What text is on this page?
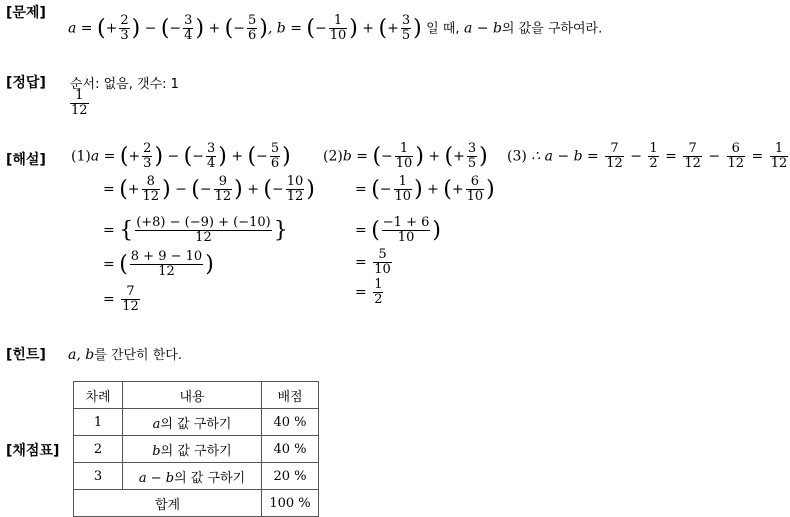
[문제]
[정답]
[해설]
[힌트]
[채점표]
a = (+ $\frac{2}{3}$ ) − (− $\frac{3}{4}$ ) + (− $\frac{5}{6}$ ), b = (− $\frac{1}{10}$ ) + (+ $\frac{3}{5}$ ) 일 때, a − b의 값을 구하여라.
순서: 없음, 갯수: 1
$\frac{1}{12}$
(1)a = (+ $\frac{2}{3}$ ) − (− $\frac{3}{4}$ ) + (− $\frac{5}{6}$ )
= (+ $\frac{8}{12}$ ) − (− $\frac{9}{12}$ ) + (− $\frac{10}{12}$ )
= { $\frac{(+8) - (-9) + (-10)}{12}$ }
= ( $\frac{8 + 9 - 10}{12}$ )
= $\frac{7}{12}$
(2)b = (− $\frac{1}{10}$ ) + (+ $\frac{3}{5}$ )
= (− $\frac{1}{10}$ ) + (+ $\frac{6}{10}$ )
= ( $\frac{-1 + 6}{10}$ )
= $\frac{5}{10}$
= $\frac{1}{2}$
(3) ∴ $a - b = \frac{7}{12} - \frac{1}{2} = \frac{7}{12} - \frac{6}{12} = \frac{1}{12}$
a, b를 간단히 한다.
차례	내용	배점
1	a의 값 구하기	40 %
2	b의 값 구하기	40 %
3	a − b의 값 구하기	20 %
합계		100 %
